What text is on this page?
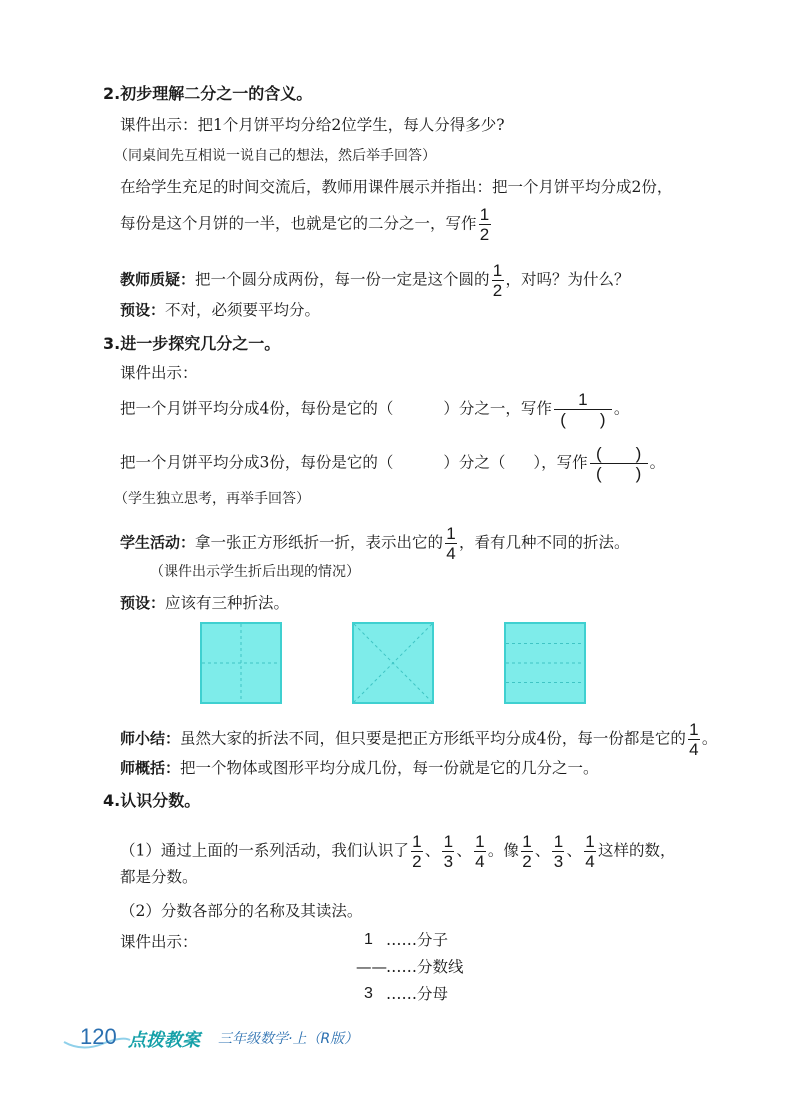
2.初步理解二分之一的含义。
课件出示：把1个月饼平均分给2位学生，每人分得多少?
（同桌间先互相说一说自己的想法，然后举手回答）
在给学生充足的时间交流后，教师用课件展示并指出：把一个月饼平均分成2份，
每份是这个月饼的一半，也就是它的二分之一，写作 $\frac{1}{2}$
教师质疑：把一个圆分成两份，每一份一定是这个圆的 $\frac{1}{2}$ ，对吗？为什么？
预设：不对，必须要平均分。
3.进一步探究几分之一。
课件出示：
把一个月饼平均分成4份，每份是它的（	）分之一，写作 $\frac{1}{( )}$ 。
把一个月饼平均分成3份，每份是它的（	）分之（ ），写作 $\frac{( )}{( )}$ 。
（学生独立思考，再举手回答）
学生活动：拿一张正方形纸折一折，表示出它的 $\frac{1}{4}$ ，看有几种不同的折法。
（课件出示学生折后出现的情况）
预设：应该有三种折法。
师小结：虽然大家的折法不同，但只要是把正方形纸平均分成4份，每一份都是它的 $\frac{1}{4}$ 。
师概括：把一个物体或图形平均分成几份，每一份就是它的几分之一。
4.认识分数。
（1）通过上面的一系列活动，我们认识了 $\frac{1}{2}$ 、 $\frac{1}{3}$ 、 $\frac{1}{4}$ 。像 $\frac{1}{2}$ 、 $\frac{1}{3}$ 、 $\frac{1}{4}$ 这样的数，
都是分数。
（2）分数各部分的名称及其读法。
课件出示：	1 ……分子
—— ……分数线
3 ……分母
120 点拨教案 三年级数学·上（R版）
